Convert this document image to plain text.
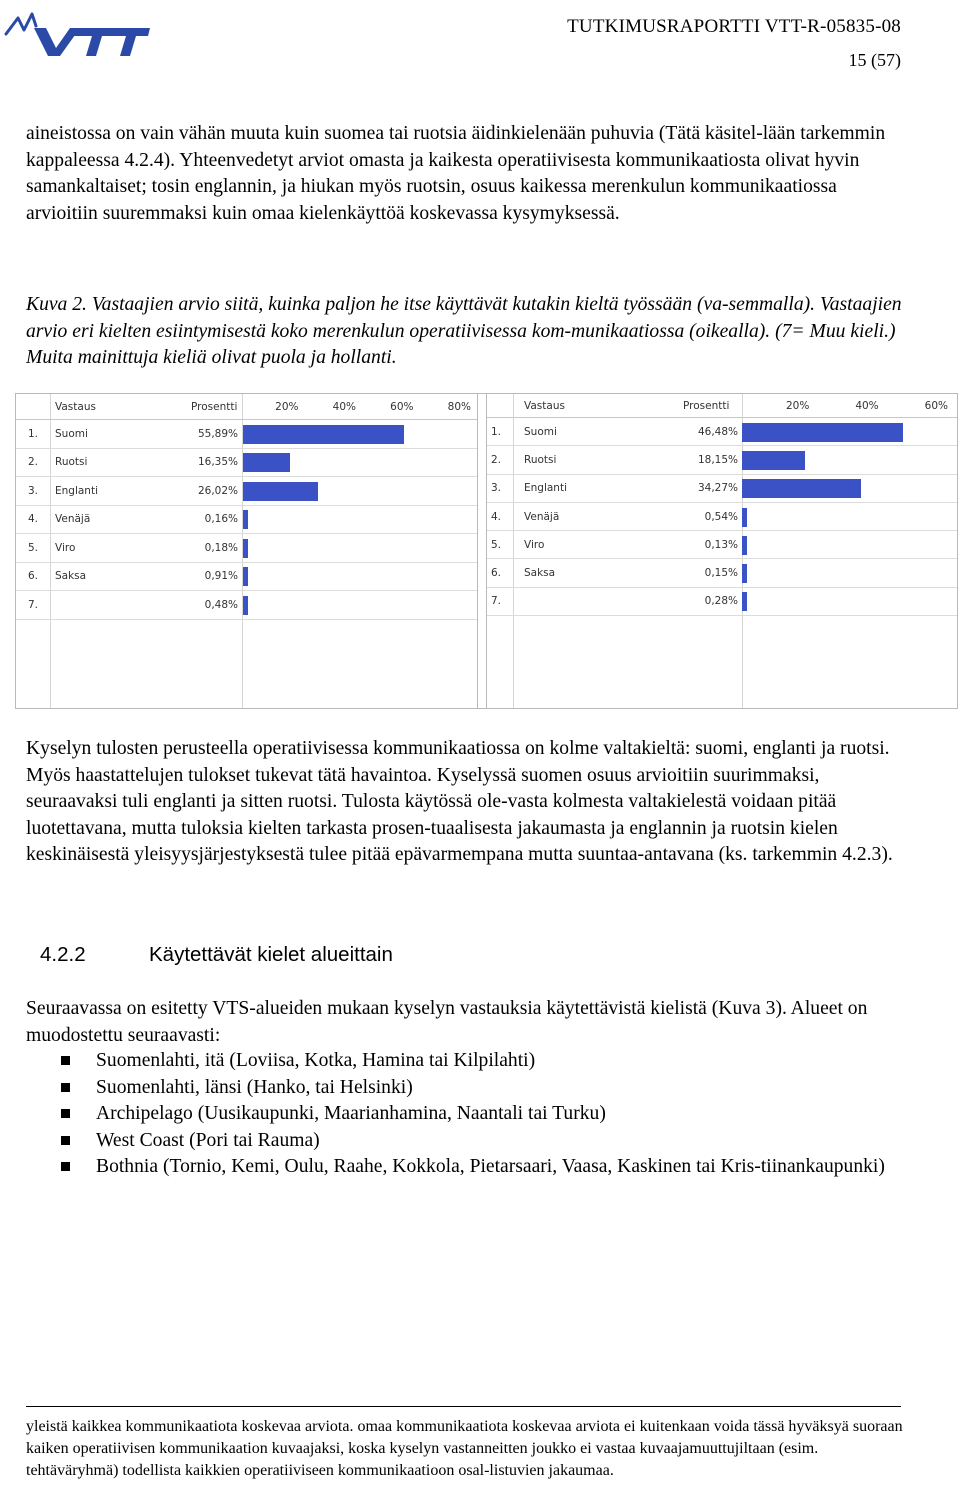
TUTKIMUSRAPORTTI VTT-R-05835-08
15 (57)
aineistossa on vain vähän muuta kuin suomea tai ruotsia äidinkielenään puhuvia (Tätä käsitel-lään tarkemmin kappaleessa 4.2.4). Yhteenvedetyt arviot omasta ja kaikesta operatiivisesta kommunikaatiosta olivat hyvin samankaltaiset; tosin englannin, ja hiukan myös ruotsin, osuus kaikessa merenkulun kommunikaatiossa arvioitiin suuremmaksi kuin omaa kielenkäyttöä koskevassa kysymyksessä.
Kuva 2. Vastaajien arvio siitä, kuinka paljon he itse käyttävät kutakin kieltä työssään (va-semmalla). Vastaajien arvio eri kielten esiintymisestä koko merenkulun operatiivisessa kom-munikaatiossa (oikealla). (7= Muu kieli.) Muita mainittuja kieliä olivat puola ja hollanti.
Vastaus	Prosentti	20%	40%	60%	80%
1. Suomi	55,89%
2. Ruotsi	16,35%
3. Englanti	26,02%
4. Venäjä	0,16%
5. Viro	0,18%
6. Saksa	0,91%
7.	0,48%
Vastaus	Prosentti	20%	40%	60%
1. Suomi	46,48%
2. Ruotsi	18,15%
3. Englanti	34,27%
4. Venäjä	0,54%
5. Viro	0,13%
6. Saksa	0,15%
7.	0,28%
Kyselyn tulosten perusteella operatiivisessa kommunikaatiossa on kolme valtakieltä: suomi, englanti ja ruotsi. Myös haastattelujen tulokset tukevat tätä havaintoa. Kyselyssä suomen osuus arvioitiin suurimmaksi, seuraavaksi tuli englanti ja sitten ruotsi. Tulosta käytössä ole-vasta kolmesta valtakielestä voidaan pitää luotettavana, mutta tuloksia kielten tarkasta prosen-tuaalisesta jakaumasta ja englannin ja ruotsin kielen keskinäisestä yleisyysjärjestyksestä tulee pitää epävarmempana mutta suuntaa-antavana (ks. tarkemmin 4.2.3).
4.2.2	Käytettävät kielet alueittain
Seuraavassa on esitetty VTS-alueiden mukaan kyselyn vastauksia käytettävistä kielistä (Kuva 3). Alueet on muodostettu seuraavasti:
Suomenlahti, itä (Loviisa, Kotka, Hamina tai Kilpilahti)
Suomenlahti, länsi (Hanko, tai Helsinki)
Archipelago (Uusikaupunki, Maarianhamina, Naantali tai Turku)
West Coast (Pori tai Rauma)
Bothnia (Tornio, Kemi, Oulu, Raahe, Kokkola, Pietarsaari, Vaasa, Kaskinen tai Kris-tiinankaupunki)
yleistä kaikkea kommunikaatiota koskevaa arviota. omaa kommunikaatiota koskevaa arviota ei kuitenkaan voida tässä hyväksyä suoraan kaiken operatiivisen kommunikaation kuvaajaksi, koska kyselyn vastanneitten joukko ei vastaa kuvaajamuuttujiltaan (esim. tehtäväryhmä) todellista kaikkien operatiiviseen kommunikaatioon osal-listuvien jakaumaa.
